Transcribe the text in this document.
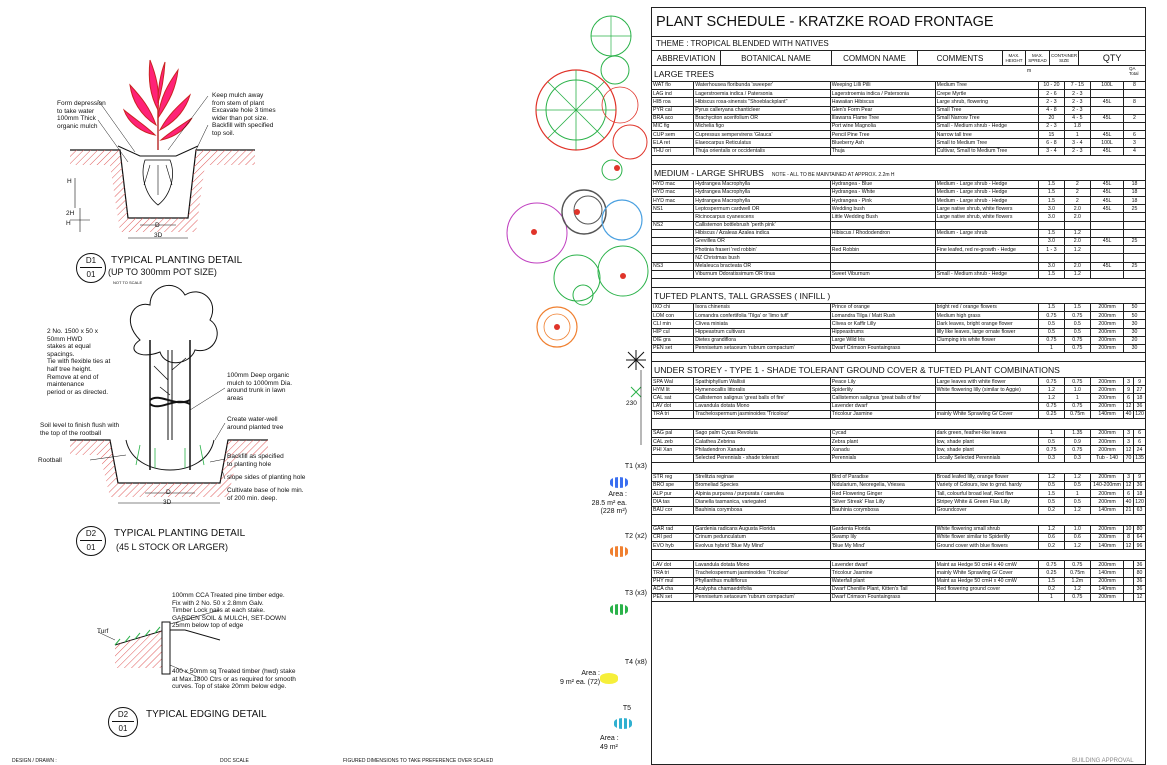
Form depression
to take water
100mm Thick
organic mulch
Keep mulch away
from stem of plant
Excavate hole 3 times
wider than pot size.
Backfill with specified
top soil.
D
3D
H
2H
H
D1
01
TYPICAL PLANTING DETAIL
(UP TO 300mm POT SIZE)
NOT TO SCALE
2 No. 1500 x 50 x
50mm HWD
stakes at equal
spacings.
Tie with flexible ties at
half tree height.
Remove at end of
maintenance
period or as directed.
Soil level to finish flush with
the top of the rootball
Rootball
100mm Deep organic
mulch to 1000mm Dia.
around trunk in lawn
areas
Create water-well
around planted tree
Backfill as specified
to planting hole
slope sides of planting hole
Cultivate base of hole min.
of 200 min. deep.
D
3D
D2
01
TYPICAL PLANTING DETAIL
(45 L STOCK OR LARGER)
100mm CCA Treated pine timber edge.
Fix with 2 No. 50 x 2.8mm Galv.
Timber Lock nails at each stake.
GARDEN SOIL & MULCH, SET-DOWN
25mm below top of edge
Turf
400 x 50mm sq Treated timber (hwd) stake
at Max.1800 Ctrs or as required for smooth
curves. Top of stake 20mm below edge.
D2
01
TYPICAL EDGING DETAIL
DESIGN / DRAWN :	DOC SCALE	FIGURED DIMENSIONS TO TAKE PREFERENCE OVER SCALED	BUILDING APPROVAL
T1 (x3)
Area :
28.5 m² ea.
(228 m²)
T2 (x2)
T3 (x3)
T4 (x8)
Area :
9 m² ea. (72)
T5
Area :
49 m²
230
PLANT SCHEDULE - KRATZKE ROAD FRONTAGE
THEME : TROPICAL BLENDED WITH NATIVES
ABBREVIATION	BOTANICAL NAME	COMMON NAME	COMMENTS	MAX. HEIGHT	MAX. SPREAD	CONTAINER SIZE	QTY
m	QA Total
LARGE TREES
WAT flo	Waterhousea floribunda 'sweeper'	Weeping Lilli Pilli	Medium Tree	10 - 20	7 - 15	100L	8
LAG ind	Lagerstroemia indica / Patersonia	Lagerstroemia indica / Patersonia	Crepe Myrtle	2 - 6	2 - 3		
HIB roa	Hibiscus rosa-sinensis "Shoeblackplant"	Hawaiian Hibiscus	Large shrub, flowering	2 - 3	2 - 3	45L	8
PYR cal	Pyrus calleryana chanticleer	Glen's Form Pear	Small Tree	4 - 8	2 - 3		
BRA aco	Brachyciton acerifolium OR	Illawarra Flame Tree	Small Narrow Tree	20	4 - 5	45L	2
MIC fig	Michelia figo	Port wine Magnolia	Small - Medium shrub - Hedge	2 - 3	1.8		
CUP sem	Cupressus sempervirens 'Glauca'	Pencil Pine Tree	Narrow tall tree	15	1	45L	6
ELA ret	Elaeocarpus Reticulatus	Blueberry Ash	Small to Medium Tree	6 - 8	3 - 4	100L	3
THU ori	Thuja orientalis or occidentalis	Thuja	Cultivar, Small to Medium Tree	3 - 4	2 - 3	45L	4
MEDIUM - LARGE SHRUBS NOTE - ALL TO BE MAINTAINED AT APPROX. 2.2m H
HYD mac	Hydrangea Macrophylla	Hydrangea - Blue	Medium - Large shrub - Hedge	1.5	2	45L	18
HYD mac	Hydrangea Macrophylla	Hydrangea - White	Medium - Large shrub - Hedge	1.5	2	45L	18
HYD mac	Hydrangea Macrophylla	Hydrangea - Pink	Medium - Large shrub - Hedge	1.5	2	45L	18
NS1	Leptospermum cardwell OR	Wedding bush	Large native shrub, white flowers	3.0	2.0	45L	25
	Ricinocarpus cyanescens	Little Wedding Bush	Large native shrub, white flowers	3.0	2.0		
NS2	Callistemon bottlebrush 'perth pink'						
	Hibiscus / Azaleas Azalea indica	Hibiscus / Rhododendron	Medium - Large shrub	1.5	1.2		
	Grevillea OR			3.0	2.0	45L	25
	Photinia fraseri 'red robbin'	Red Robbin	Fine leafed, red re-growth - Hedge	1 - 3	1.2		
	NZ Christmas bush						
NS3	Melaleuca bracteata OR			3.0	2.0	45L	25
	Viburnum Odoratissimum OR tinus	Sweet Viburnum	Small - Medium shrub - Hedge	1.5	1.2		
TUFTED PLANTS, TALL GRASSES ( INFILL )
IXO chi	Ixora chinensis	Prince of orange	bright red / orange flowers	1.5	1.5	200mm	50
LOM con	Lomandra confertifolia 'Tilga' or 'limo tuff'	Lomandra Tilga / Matt Rush	Medium high grass	0.75	0.75	200mm	50
CLI min	Clivea miniata	Clivea or Kaffir Lilly	Dark leaves, bright orange flower	0.5	0.5	200mm	30
HIP cul	Hippeastrum cultivars	Hippeastrums	lilly like leaves, large ornate flower	0.5	0.5	200mm	30
DIE gra	Dietes grandiflora	Large Wild Iris	Clumping iris white flower	0.75	0.75	200mm	20
PEN set	Pennisetum setaceum 'rubrum compactum'	Dwarf Crimson Fountaingrass		1	0.75	200mm	30
UNDER STOREY - TYPE 1 - SHADE TOLERANT GROUND COVER & TUFTED PLANT COMBINATIONS
SPA Wal	Spathiphyllum Wallisii	Peace Lily	Large leaves with white flower	0.75	0.75	200mm	3	9
HYM lit	Hymenocallis littoralis	Spiderlily	White flowering lilly (similar to Aggie)	1.2	1.0	200mm	9	27
CAL sat	Callistemon salignus 'great balls of fire'	Callistemon salignus 'great balls of fire'		1.2	1	200mm	6	18
LAV dot	Lavandula dotata Mono	Lavender dwarf		0.75	0.75	200mm	12	36
TRA tri	Trachelospermum jasminoides 'Tricolour'	Tricolour Jasmine	mainly White Sprawling G/ Cover	0.25	0.75m	140mm	40	120

SAG pal	Sago palm Cycas Revoluta	Cycad	dark green, feather-like leaves	1	1.35	200mm	3	6
CAL zeb	Calathea Zebrina	Zebra plant	low, shade plant	0.5	0.9	200mm	3	6
PHI Xan	Philadendron Xanadu	Xanadu	low, shade plant	0.75	0.75	200mm	12	24
	Selected Perennials - shade tolerant	Perennials	Locally Selected Perennials	0.3	0.3	Tub - 140	70	135

STR reg	Strelitzia reginae	Bird of Paradise	Broad leafed lilly, orange flower	1.2	1.2	200mm	3	9
BRO spe	Bromeliad Species	Nidularium, Neoregelia, Vriesea	Variety of Colours, low to grnd. hardy	0.5	0.5	140-200mm	12	36
ALP pur	Alpinia purpurea / purpurata / caerulea	Red Flowering Ginger	Tall, colourful broad leaf, Red flwr	1.5	1	200mm	6	18
DIA tas	Dianella tasmanica, variegated	'Silver Streak' Flax Lilly	Stripey White & Green Flax Lilly	0.5	0.5	200mm	40	120
BAU cor	Bauhinia corymbosa	Bauhinia corymbosa	Groundcover	0.2	1.2	140mm	21	63

GAR rad	Gardenia radicans Augusta Florida	Gardenia Florida	White flowering small shrub	1.2	1.0	200mm	10	80
CRI ped	Crinum pedunculatum	Swamp lily	White flower similar to Spiderlily	0.6	0.6	200mm	8	64
EVO hyb	Evolvus hybrid 'Blue My Mind'	'Blue My Mind'	Ground cover with blue flowers	0.2	1.2	140mm	12	96

LAV dot	Lavandula dotata Mono	Lavender dwarf	Maint as Hedge 50 cmH x 40 cmW	0.75	0.75	200mm		36
TRA tri	Trachelospermum jasminoides 'Tricolour'	Tricolour Jasmine	mainly White Sprawling G/ Cover	0.25	0.75m	140mm		80
PHY mul	Phyllanthus multiflorus	Waterfall plant	Maint as Hedge 50 cmH x 40 cmW	1.5	1.2m	200mm		36
ACA cha	Acalypha chamaedrifolia	Dwarf Chenille Plant, Kitten's Tail	Red flowering ground cover	0.2	1.2	140mm		36
PEN set	Pennisetum setaceum 'rubrum compactum'	Dwarf Crimson Fountaingrass		1	0.75	200mm		12
